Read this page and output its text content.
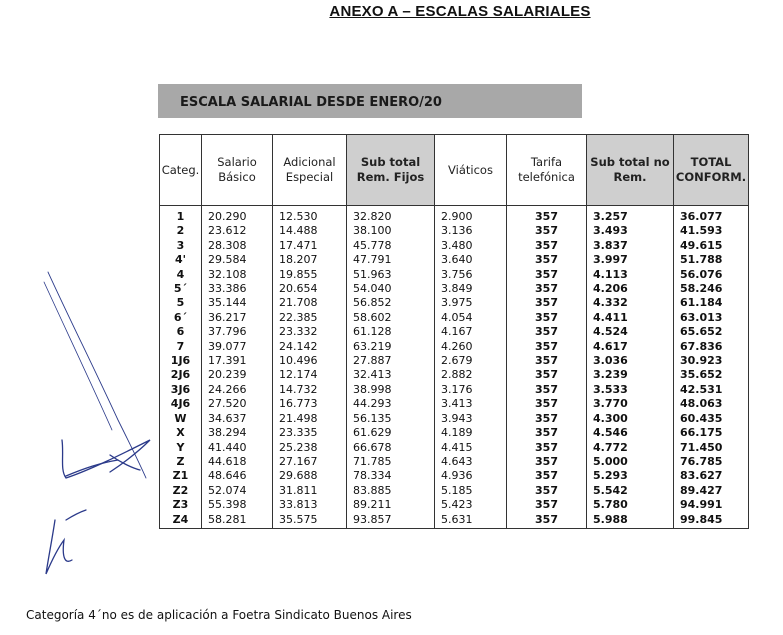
ANEXO A – ESCALAS SALARIALES
ESCALA SALARIAL DESDE ENERO/20
Categ.	Salario Básico	Adicional Especial	Sub total Rem. Fijos	Viáticos	Tarifa telefónica	Sub total no Rem.	TOTAL CONFORM.
1	20.290	12.530	32.820	2.900	357	3.257	36.077
2	23.612	14.488	38.100	3.136	357	3.493	41.593
3	28.308	17.471	45.778	3.480	357	3.837	49.615
4'	29.584	18.207	47.791	3.640	357	3.997	51.788
4	32.108	19.855	51.963	3.756	357	4.113	56.076
5´	33.386	20.654	54.040	3.849	357	4.206	58.246
5	35.144	21.708	56.852	3.975	357	4.332	61.184
6´	36.217	22.385	58.602	4.054	357	4.411	63.013
6	37.796	23.332	61.128	4.167	357	4.524	65.652
7	39.077	24.142	63.219	4.260	357	4.617	67.836
1J6	17.391	10.496	27.887	2.679	357	3.036	30.923
2J6	20.239	12.174	32.413	2.882	357	3.239	35.652
3J6	24.266	14.732	38.998	3.176	357	3.533	42.531
4J6	27.520	16.773	44.293	3.413	357	3.770	48.063
W	34.637	21.498	56.135	3.943	357	4.300	60.435
X	38.294	23.335	61.629	4.189	357	4.546	66.175
Y	41.440	25.238	66.678	4.415	357	4.772	71.450
Z	44.618	27.167	71.785	4.643	357	5.000	76.785
Z1	48.646	29.688	78.334	4.936	357	5.293	83.627
Z2	52.074	31.811	83.885	5.185	357	5.542	89.427
Z3	55.398	33.813	89.211	5.423	357	5.780	94.991
Z4	58.281	35.575	93.857	5.631	357	5.988	99.845
Categoría 4´no es de aplicación a Foetra Sindicato Buenos Aires
